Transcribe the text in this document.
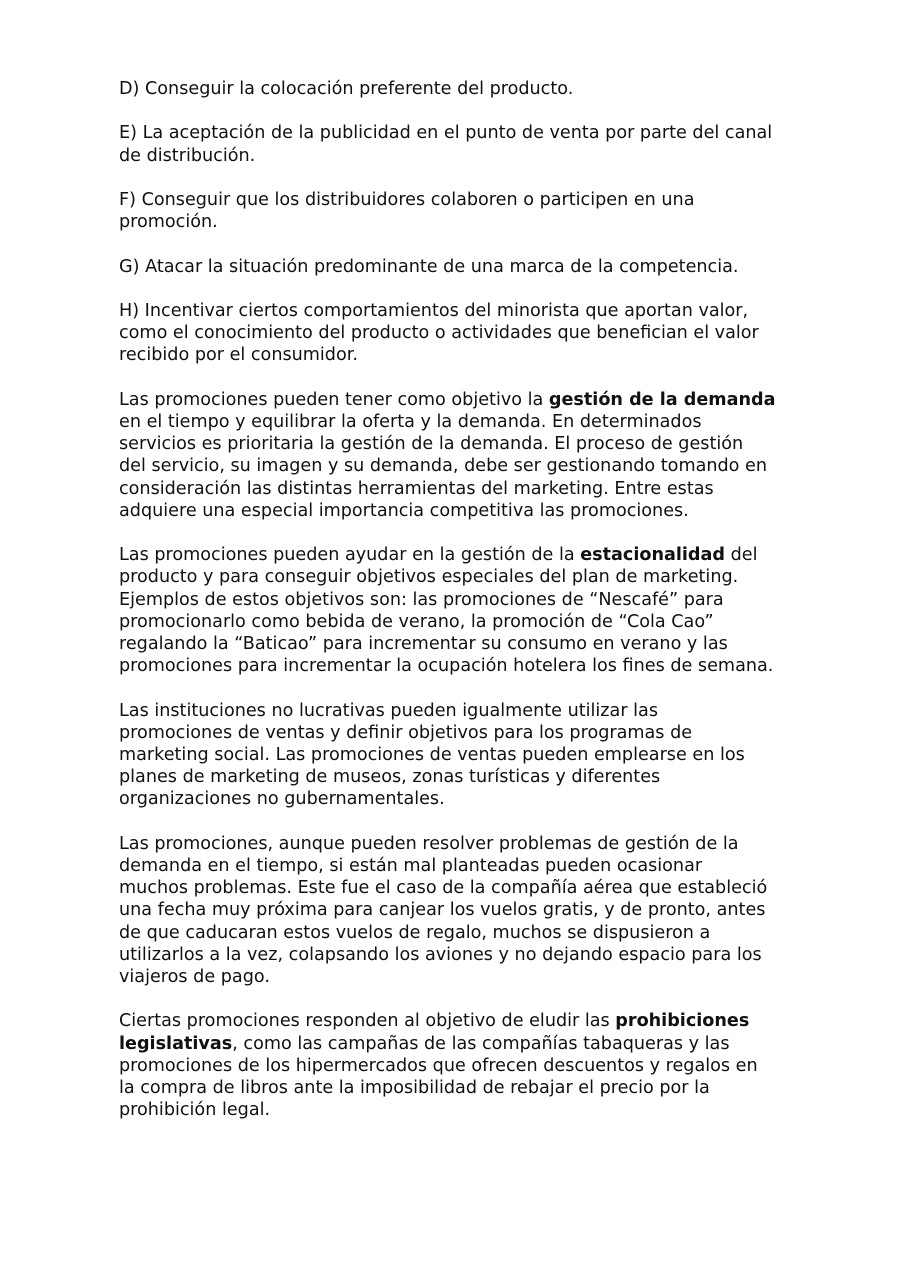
D) Conseguir la colocación preferente del producto.

E) La aceptación de la publicidad en el punto de venta por parte del canal
de distribución.

F) Conseguir que los distribuidores colaboren o participen en una
promoción.

G) Atacar la situación predominante de una marca de la competencia.

H) Incentivar ciertos comportamientos del minorista que aportan valor,
como el conocimiento del producto o actividades que benefician el valor
recibido por el consumidor.

Las promociones pueden tener como objetivo la gestión de la demanda
en el tiempo y equilibrar la oferta y la demanda. En determinados
servicios es prioritaria la gestión de la demanda. El proceso de gestión
del servicio, su imagen y su demanda, debe ser gestionando tomando en
consideración las distintas herramientas del marketing. Entre estas
adquiere una especial importancia competitiva las promociones.

Las promociones pueden ayudar en la gestión de la estacionalidad del
producto y para conseguir objetivos especiales del plan de marketing.
Ejemplos de estos objetivos son: las promociones de “Nescafé” para
promocionarlo como bebida de verano, la promoción de “Cola Cao”
regalando la “Baticao” para incrementar su consumo en verano y las
promociones para incrementar la ocupación hotelera los fines de semana.

Las instituciones no lucrativas pueden igualmente utilizar las
promociones de ventas y definir objetivos para los programas de
marketing social. Las promociones de ventas pueden emplearse en los
planes de marketing de museos, zonas turísticas y diferentes
organizaciones no gubernamentales.

Las promociones, aunque pueden resolver problemas de gestión de la
demanda en el tiempo, si están mal planteadas pueden ocasionar
muchos problemas. Este fue el caso de la compañía aérea que estableció
una fecha muy próxima para canjear los vuelos gratis, y de pronto, antes
de que caducaran estos vuelos de regalo, muchos se dispusieron a
utilizarlos a la vez, colapsando los aviones y no dejando espacio para los
viajeros de pago.

Ciertas promociones responden al objetivo de eludir las prohibiciones
legislativas, como las campañas de las compañías tabaqueras y las
promociones de los hipermercados que ofrecen descuentos y regalos en
la compra de libros ante la imposibilidad de rebajar el precio por la
prohibición legal.
